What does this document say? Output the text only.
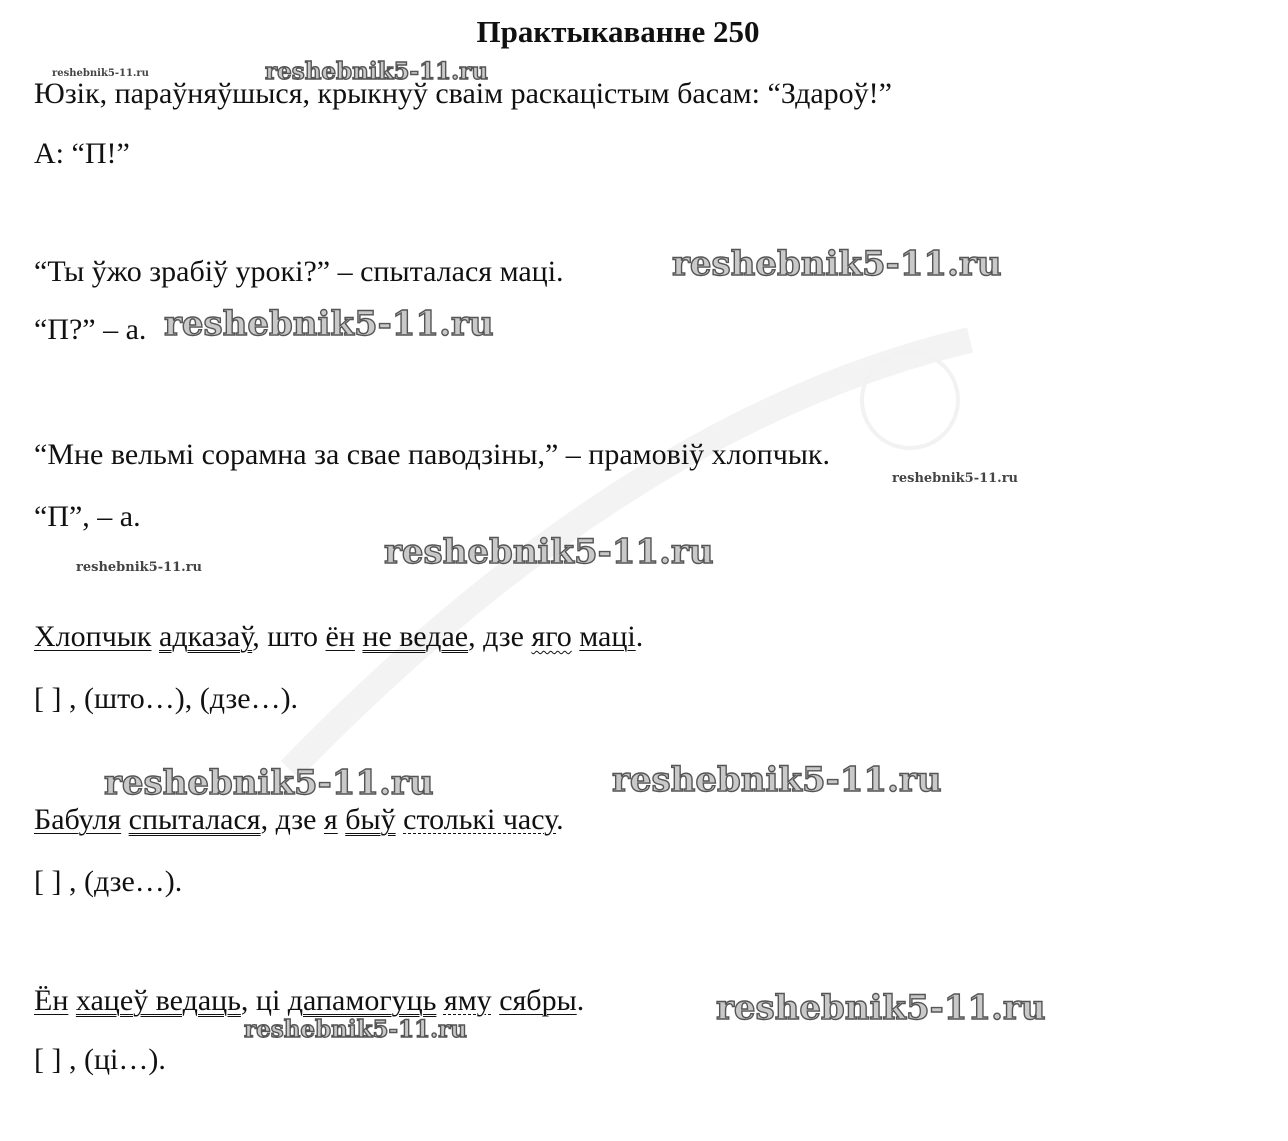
Практыкаванне 250
Юзік, параўняўшыся, крыкнуў сваім раскацістым басам: “Здароў!”
А: “П!”
“Ты ўжо зрабіў урокі?” – спыталася маці.
“П?” – а.
“Мне вельмі сорамна за свае паводзіны,” – прамовіў хлопчык.
“П”, – а.
Хлопчык адказаў, што ён не ведае, дзе яго маці.
[ ] , (што…), (дзе…).
Бабуля спыталася, дзе я быў столькі часу.
[ ] , (дзе…).
Ён хацеў ведаць, ці дапамогуць яму сябры.
[ ] , (ці…).
reshebnik5-11.ru	reshebnik5-11.ru
reshebnik5-11.ru
reshebnik5-11.ru
reshebnik5-11.ru
reshebnik5-11.ru
reshebnik5-11.ru
reshebnik5-11.ru	reshebnik5-11.ru
reshebnik5-11.ru
reshebnik5-11.ru
